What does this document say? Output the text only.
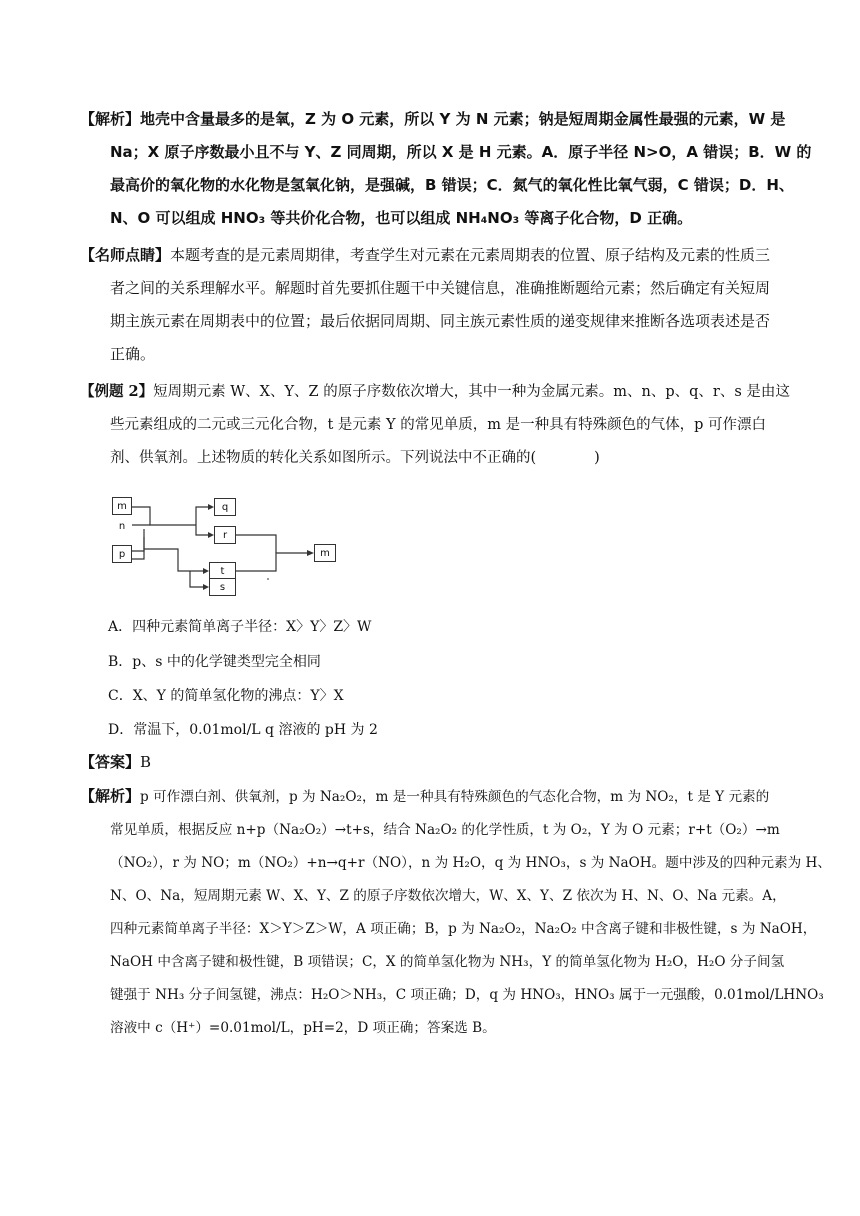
【解析】地壳中含量最多的是氧，Z 为 O 元素，所以 Y 为 N 元素；钠是短周期金属性最强的元素，W 是
Na；X 原子序数最小且不与 Y、Z 同周期，所以 X 是 H 元素。A．原子半径 N>O，A 错误；B．W 的
最高价的氧化物的水化物是氢氧化钠，是强碱，B 错误；C．氮气的氧化性比氧气弱，C 错误；D．H、
N、O 可以组成 HNO₃ 等共价化合物，也可以组成 NH₄NO₃ 等离子化合物，D 正确。
【名师点睛】本题考查的是元素周期律，考查学生对元素在元素周期表的位置、原子结构及元素的性质三
者之间的关系理解水平。解题时首先要抓住题干中关键信息，准确推断题给元素；然后确定有关短周
期主族元素在周期表中的位置；最后依据同周期、同主族元素性质的递变规律来推断各选项表述是否
正确。
【例题 2】短周期元素 W、X、Y、Z 的原子序数依次增大，其中一种为金属元素。m、n、p、q、r、s 是由这
些元素组成的二元或三元化合物，t 是元素 Y 的常见单质，m 是一种具有特殊颜色的气体，p 可作漂白
剂、供氧剂。上述物质的转化关系如图所示。下列说法中不正确的(　　　　)
m
n
p
q
r
t
s
m
A．四种元素简单离子半径：X〉Y〉Z〉W
B．p、s 中的化学键类型完全相同
C．X、Y 的简单氢化物的沸点：Y〉X
D．常温下，0.01mol/L q 溶液的 pH 为 2
【答案】B
【解析】p 可作漂白剂、供氧剂，p 为 Na₂O₂，m 是一种具有特殊颜色的气态化合物，m 为 NO₂，t 是 Y 元素的
常见单质，根据反应 n+p（Na₂O₂）→t+s，结合 Na₂O₂ 的化学性质，t 为 O₂，Y 为 O 元素；r+t（O₂）→m
（NO₂），r 为 NO；m（NO₂）+n→q+r（NO），n 为 H₂O，q 为 HNO₃，s 为 NaOH。题中涉及的四种元素为 H、
N、O、Na，短周期元素 W、X、Y、Z 的原子序数依次增大，W、X、Y、Z 依次为 H、N、O、Na 元素。A，
四种元素简单离子半径：X＞Y＞Z＞W，A 项正确；B，p 为 Na₂O₂，Na₂O₂ 中含离子键和非极性键，s 为 NaOH，
NaOH 中含离子键和极性键，B 项错误；C，X 的简单氢化物为 NH₃，Y 的简单氢化物为 H₂O，H₂O 分子间氢
键强于 NH₃ 分子间氢键，沸点：H₂O＞NH₃，C 项正确；D，q 为 HNO₃，HNO₃ 属于一元强酸，0.01mol/LHNO₃
溶液中 c（H⁺）=0.01mol/L，pH=2，D 项正确；答案选 B。
